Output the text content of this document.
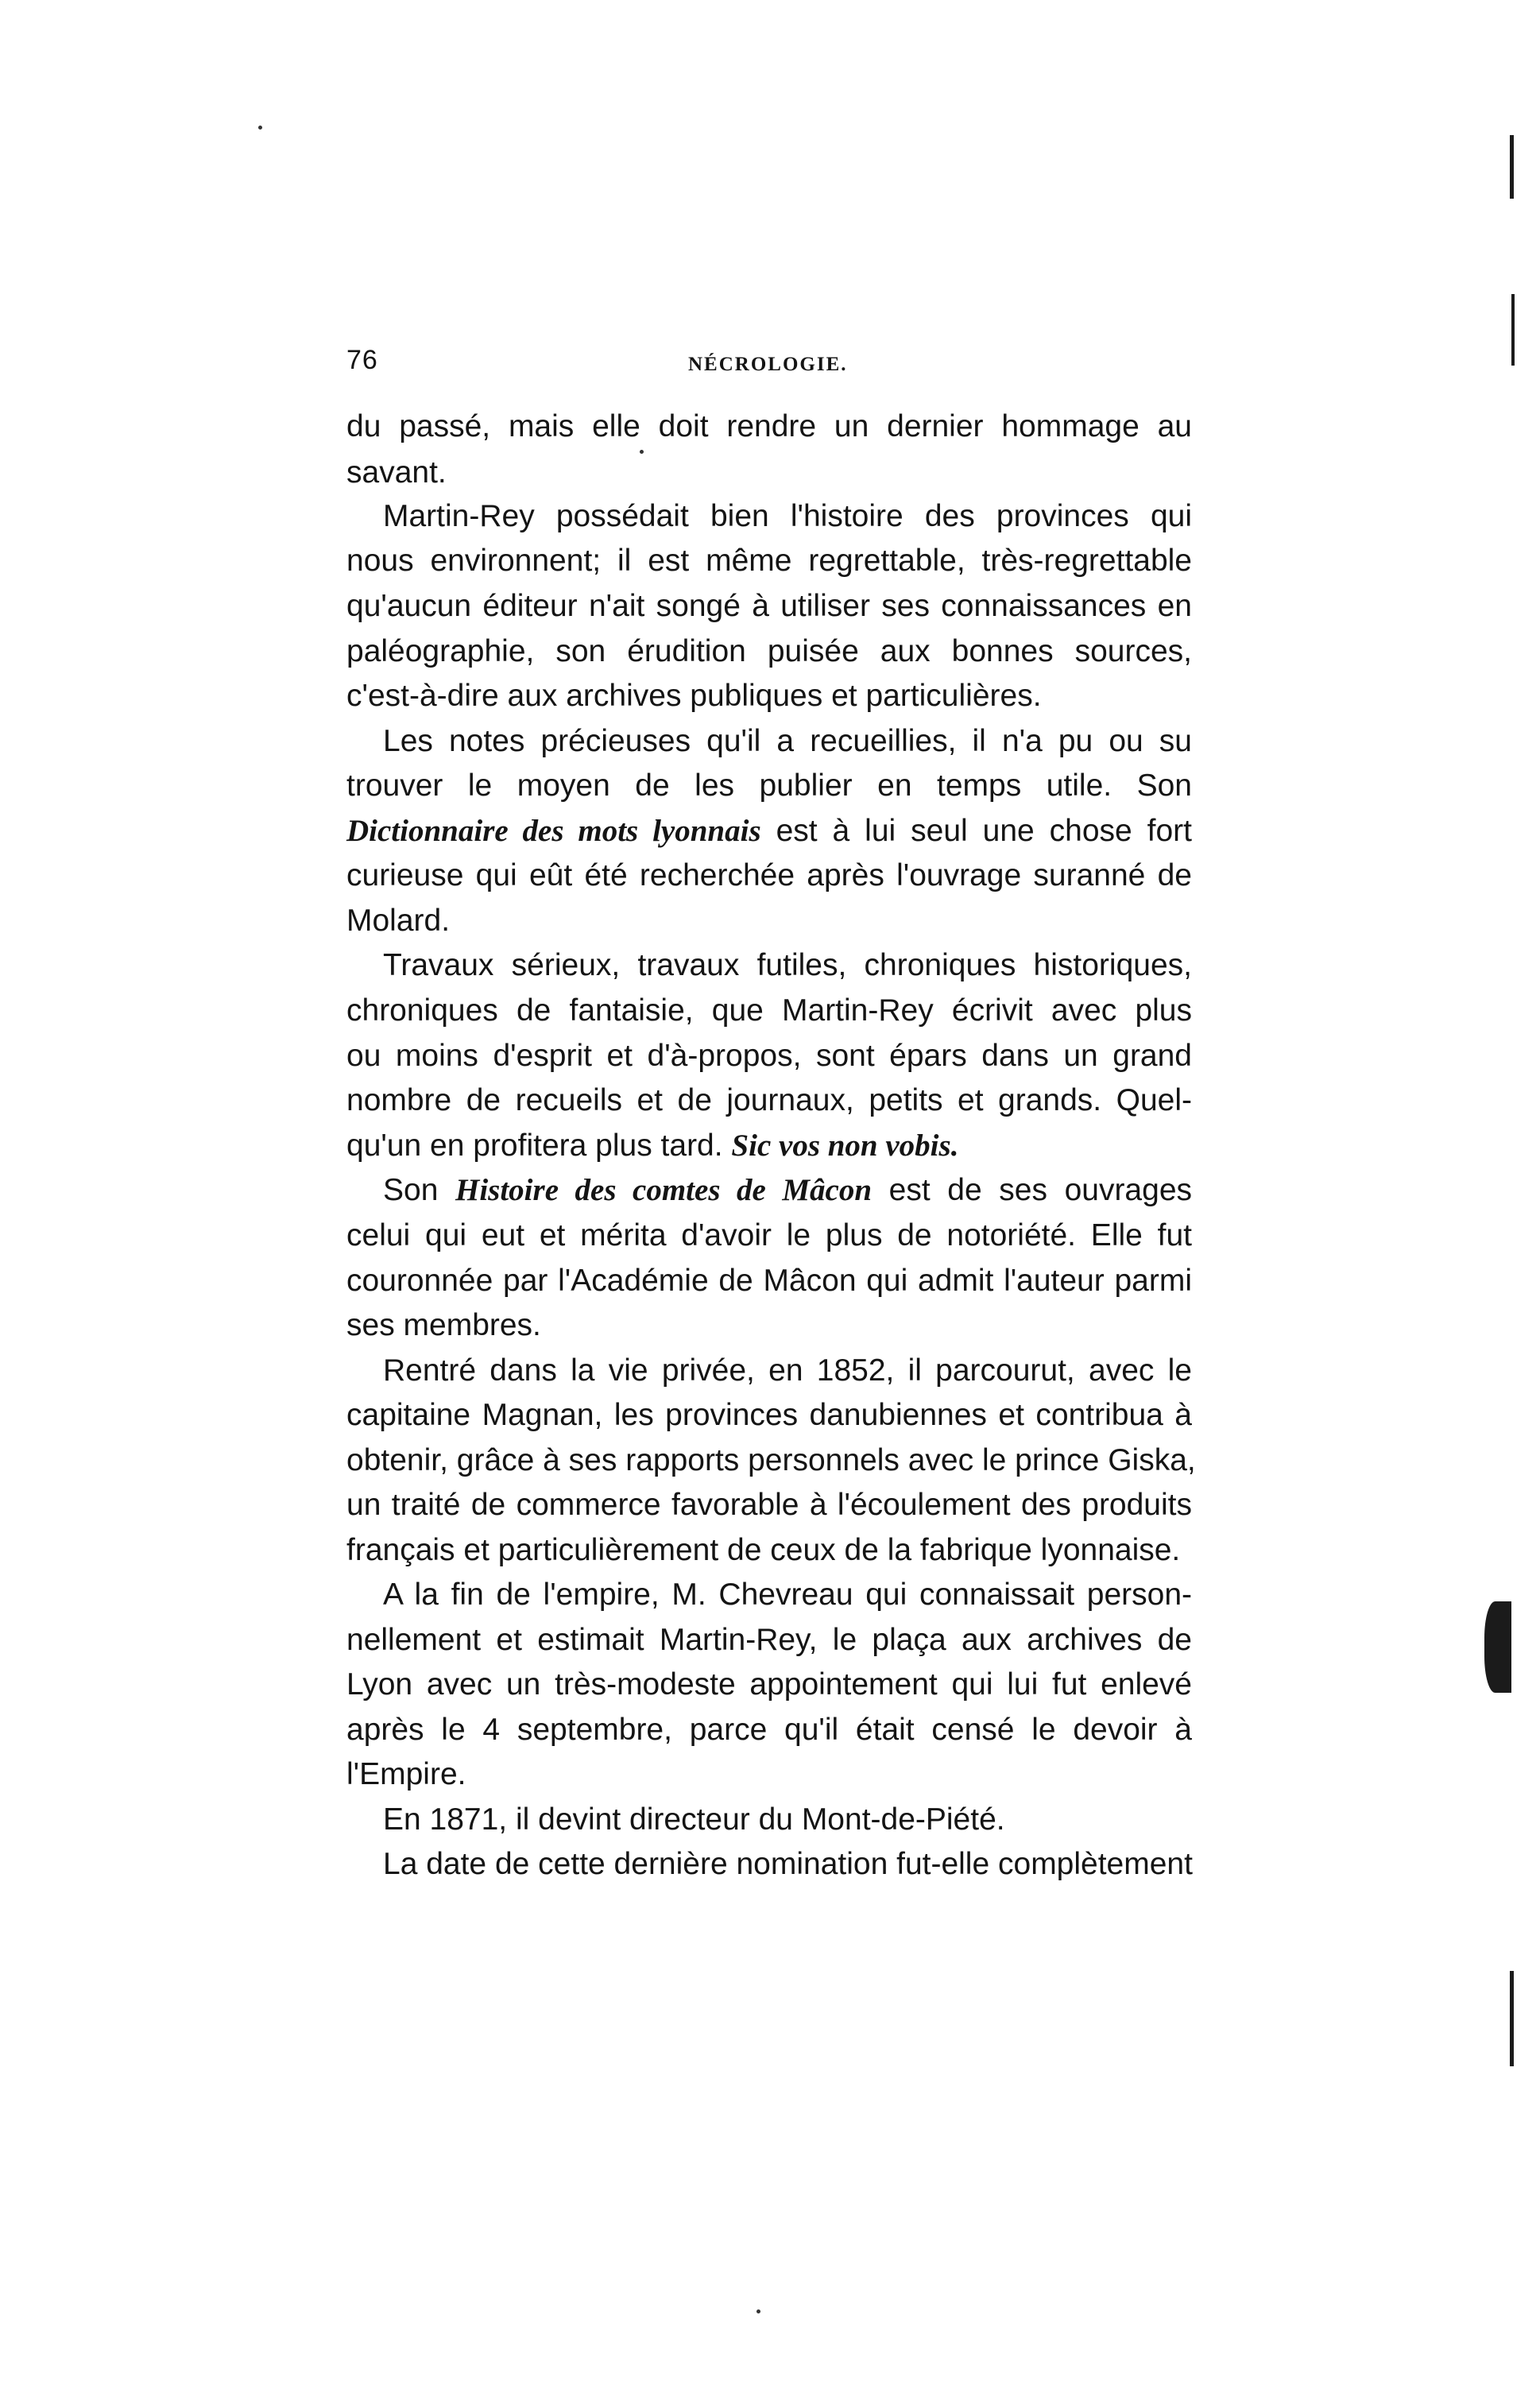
76	NÉCROLOGIE.
du passé, mais elle doit rendre un dernier hommage au
savant.
Martin-Rey possédait bien l'histoire des provinces qui
nous environnent; il est même regrettable, très-regrettable
qu'aucun éditeur n'ait songé à utiliser ses connaissances en
paléographie, son érudition puisée aux bonnes sources,
c'est-à-dire aux archives publiques et particulières.
Les notes précieuses qu'il a recueillies, il n'a pu ou su
trouver le moyen de les publier en temps utile. Son
Dictionnaire des mots lyonnais est à lui seul une chose fort
curieuse qui eût été recherchée après l'ouvrage suranné de
Molard.
Travaux sérieux, travaux futiles, chroniques historiques,
chroniques de fantaisie, que Martin-Rey écrivit avec plus
ou moins d'esprit et d'à-propos, sont épars dans un grand
nombre de recueils et de journaux, petits et grands. Quel-
qu'un en profitera plus tard. Sic vos non vobis.
Son Histoire des comtes de Mâcon est de ses ouvrages
celui qui eut et mérita d'avoir le plus de notoriété. Elle fut
couronnée par l'Académie de Mâcon qui admit l'auteur parmi
ses membres.
Rentré dans la vie privée, en 1852, il parcourut, avec le
capitaine Magnan, les provinces danubiennes et contribua à
obtenir, grâce à ses rapports personnels avec le prince Giska,
un traité de commerce favorable à l'écoulement des produits
français et particulièrement de ceux de la fabrique lyonnaise.
A la fin de l'empire, M. Chevreau qui connaissait person-
nellement et estimait Martin-Rey, le plaça aux archives de
Lyon avec un très-modeste appointement qui lui fut enlevé
après le 4 septembre, parce qu'il était censé le devoir à
l'Empire.
En 1871, il devint directeur du Mont-de-Piété.
La date de cette dernière nomination fut-elle complètement
